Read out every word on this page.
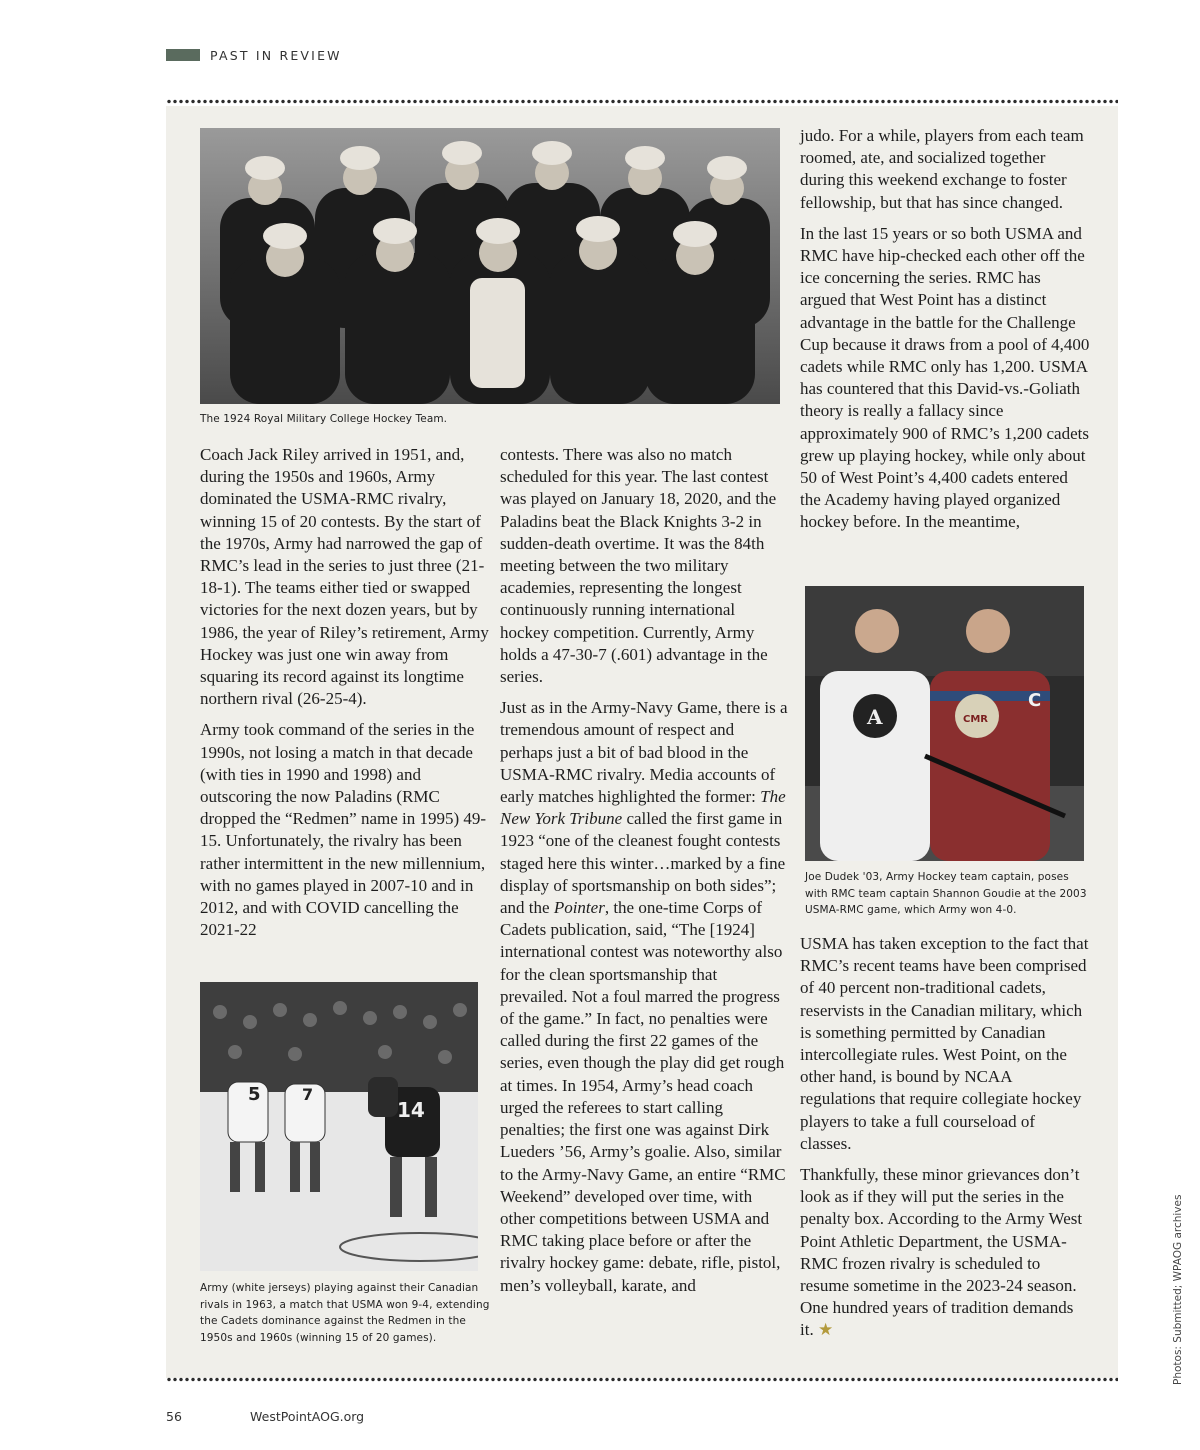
PAST IN REVIEW
The 1924 Royal Military College Hockey Team.

Coach Jack Riley arrived in 1951, and, during the 1950s and 1960s, Army dominated the USMA-RMC rivalry, winning 15 of 20 contests. By the start of the 1970s, Army had narrowed the gap of RMC’s lead in the series to just three (21-18-1). The teams either tied or swapped victories for the next dozen years, but by 1986, the year of Riley’s retirement, Army Hockey was just one win away from squaring its record against its longtime northern rival (26-25-4).

Army took command of the series in the 1990s, not losing a match in that decade (with ties in 1990 and 1998) and outscoring the now Paladins (RMC dropped the “Redmen” name in 1995) 49-15. Unfortunately, the rivalry has been rather intermittent in the new millennium, with no games played in 2007-10 and in 2012, and with COVID cancelling the 2021-22

5	7
14
Army (white jerseys) playing against their Canadian rivals in 1963, a match that USMA won 9-4, extending the Cadets dominance against the Redmen in the 1950s and 1960s (winning 15 of 20 games).

contests. There was also no match scheduled for this year. The last contest was played on January 18, 2020, and the Paladins beat the Black Knights 3-2 in sudden-death overtime. It was the 84th meeting between the two military academies, representing the longest continuously running international hockey competition. Currently, Army holds a 47-30-7 (.601) advantage in the series.

Just as in the Army-Navy Game, there is a tremendous amount of respect and perhaps just a bit of bad blood in the USMA-RMC rivalry. Media accounts of early matches highlighted the former: The New York Tribune called the first game in 1923 “one of the cleanest fought contests staged here this winter…marked by a fine display of sportsmanship on both sides”; and the Pointer, the one-time Corps of Cadets publication, said, “The [1924] international contest was noteworthy also for the clean sportsmanship that prevailed. Not a foul marred the progress of the game.” In fact, no penalties were called during the first 22 games of the series, even though the play did get rough at times. In 1954, Army’s head coach urged the referees to start calling penalties; the first one was against Dirk Lueders ’56, Army’s goalie. Also, similar to the Army-Navy Game, an entire “RMC Weekend” developed over time, with other competitions between USMA and RMC taking place before or after the rivalry hockey game: debate, rifle, pistol, men’s volleyball, karate, and

judo. For a while, players from each team roomed, ate, and socialized together during this weekend exchange to foster fellowship, but that has since changed.

In the last 15 years or so both USMA and RMC have hip-checked each other off the ice concerning the series. RMC has argued that West Point has a distinct advantage in the battle for the Challenge Cup because it draws from a pool of 4,400 cadets while RMC only has 1,200. USMA has countered that this David-vs.-Goliath theory is really a fallacy since approximately 900 of RMC’s 1,200 cadets grew up playing hockey, while only about 50 of West Point’s 4,400 cadets entered the Academy having played organized hockey before. In the meantime,

A	CMR
C
Joe Dudek '03, Army Hockey team captain, poses with RMC team captain Shannon Goudie at the 2003 USMA-RMC game, which Army won 4-0.

USMA has taken exception to the fact that RMC’s recent teams have been comprised of 40 percent non-traditional cadets, reservists in the Canadian military, which is something permitted by Canadian intercollegiate rules. West Point, on the other hand, is bound by NCAA regulations that require collegiate hockey players to take a full courseload of classes.

Thankfully, these minor grievances don’t look as if they will put the series in the penalty box. According to the Army West Point Athletic Department, the USMA-RMC frozen rivalry is scheduled to resume sometime in the 2023-24 season. One hundred years of tradition demands it. ★	Photos: Submitted; WPAOG archives
56	WestPointAOG.org
